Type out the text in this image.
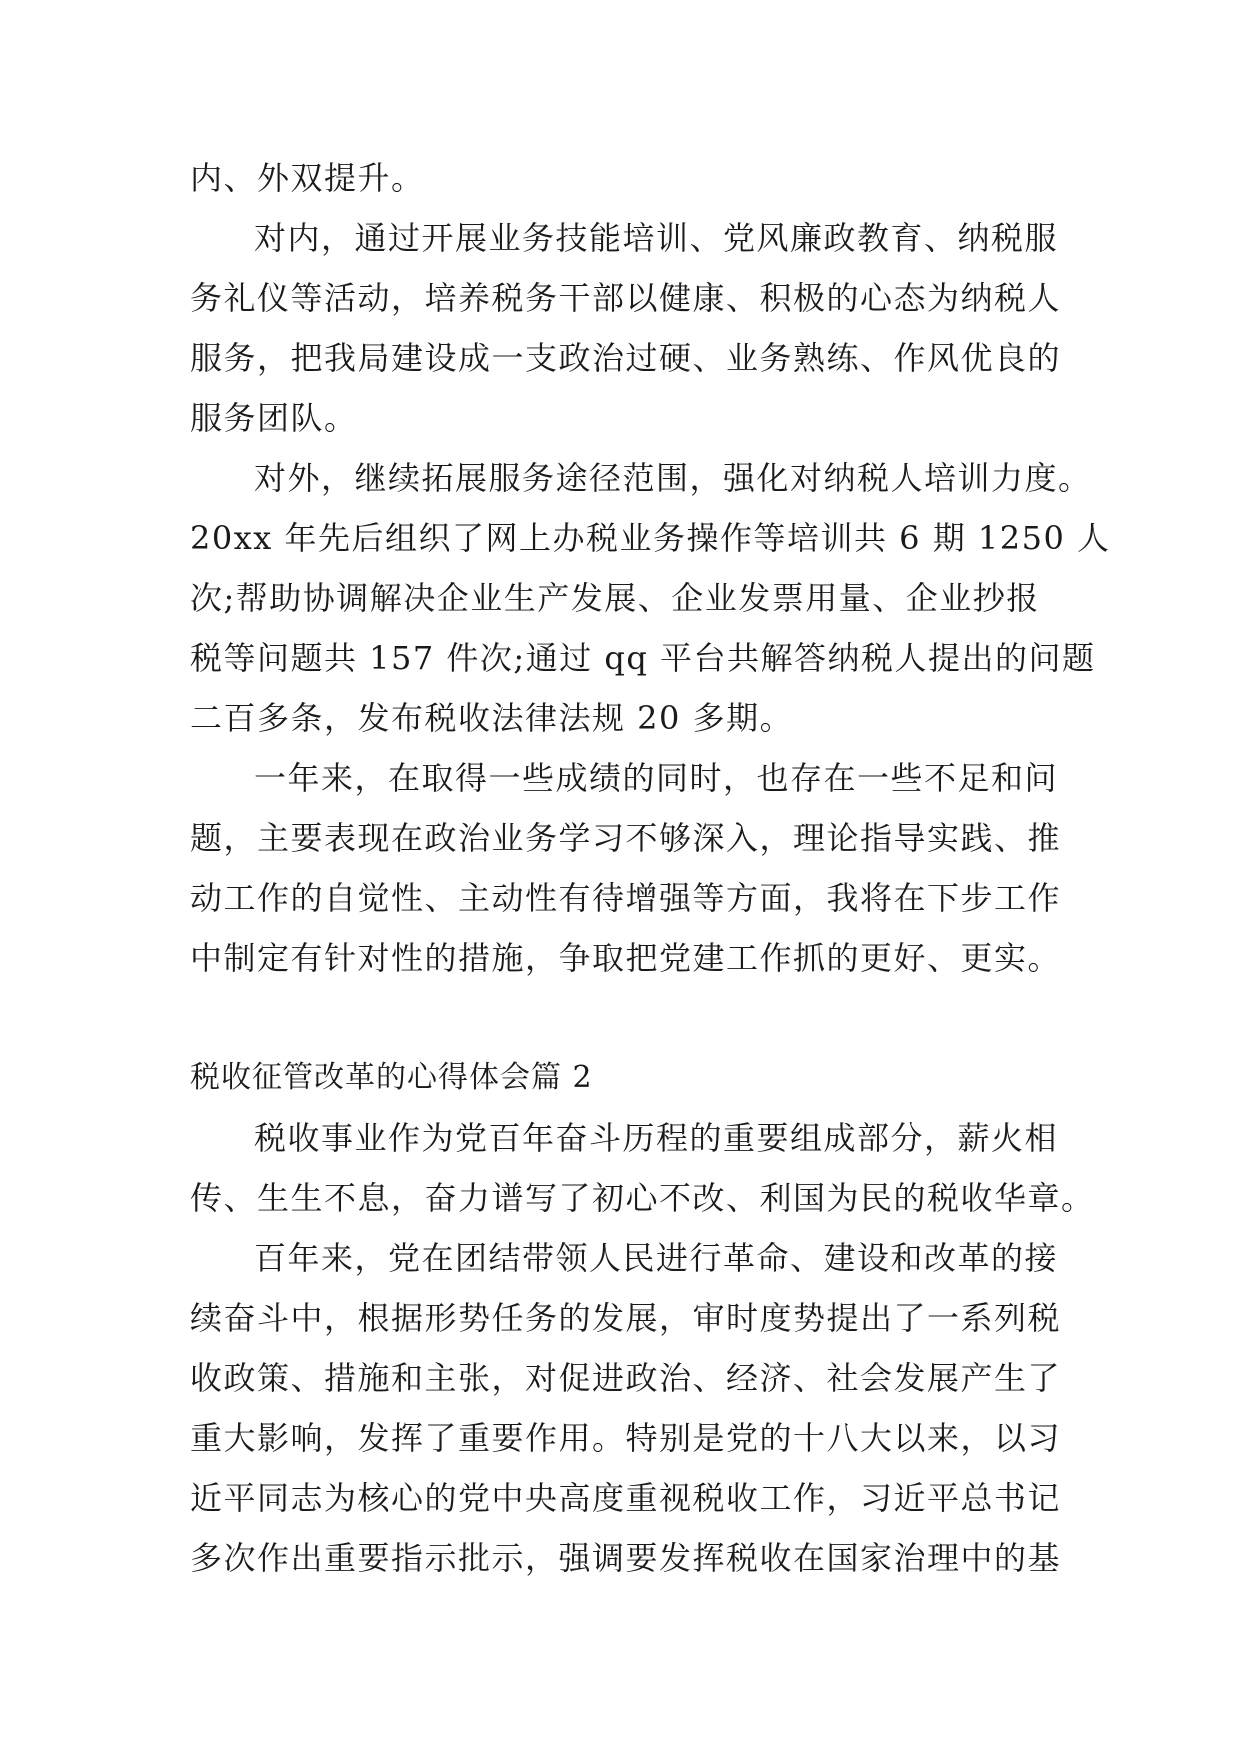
内、外双提升。
对内，通过开展业务技能培训、党风廉政教育、纳税服
务礼仪等活动，培养税务干部以健康、积极的心态为纳税人
服务，把我局建设成一支政治过硬、业务熟练、作风优良的
服务团队。
对外，继续拓展服务途径范围，强化对纳税人培训力度。
20xx 年先后组织了网上办税业务操作等培训共 6 期 1250 人
次;帮助协调解决企业生产发展、企业发票用量、企业抄报
税等问题共 157 件次;通过 qq 平台共解答纳税人提出的问题
二百多条，发布税收法律法规 20 多期。
一年来，在取得一些成绩的同时，也存在一些不足和问
题，主要表现在政治业务学习不够深入，理论指导实践、推
动工作的自觉性、主动性有待增强等方面，我将在下步工作
中制定有针对性的措施，争取把党建工作抓的更好、更实。
税收征管改革的心得体会篇 2
税收事业作为党百年奋斗历程的重要组成部分，薪火相
传、生生不息，奋力谱写了初心不改、利国为民的税收华章。
百年来，党在团结带领人民进行革命、建设和改革的接
续奋斗中，根据形势任务的发展，审时度势提出了一系列税
收政策、措施和主张，对促进政治、经济、社会发展产生了
重大影响，发挥了重要作用。特别是党的十八大以来，以习
近平同志为核心的党中央高度重视税收工作，习近平总书记
多次作出重要指示批示，强调要发挥税收在国家治理中的基
